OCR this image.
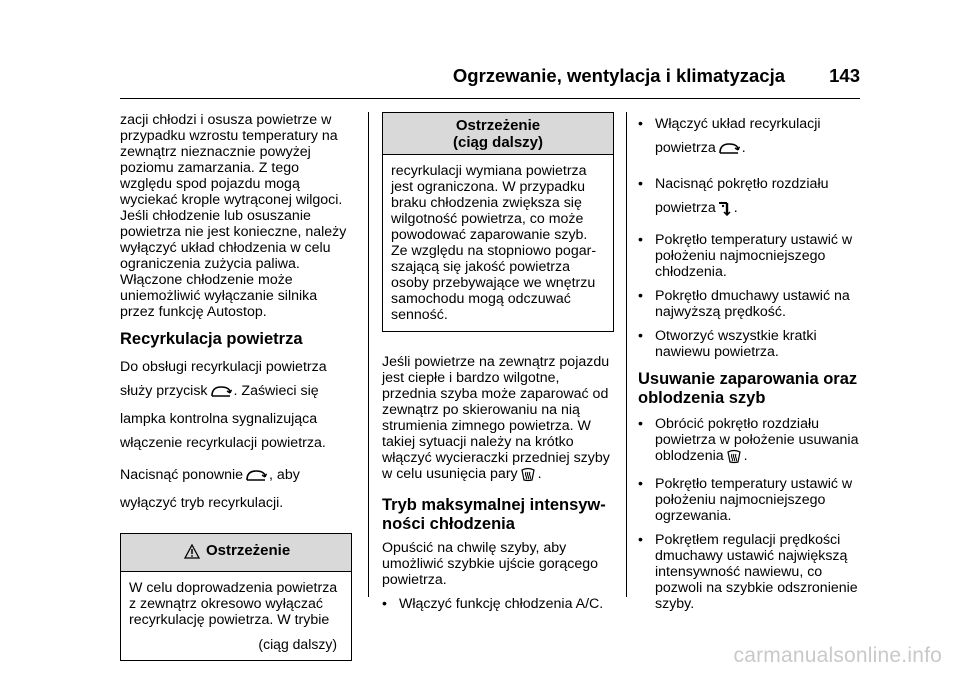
Ogrzewanie, wentylacja i klimatyzacja 143

zacji chłodzi i osusza powietrze w przypadku wzrostu temperatury na zewnątrz nieznacznie powyżej poziomu zamarzania. Z tego względu spod pojazdu mogą wyciekać krople wytrąconej wilgoci. Jeśli chłodzenie lub osuszanie powietrza nie jest konieczne, należy wyłączyć układ chłodzenia w celu ograniczenia zużycia paliwa. Włączone chłodzenie może uniemożliwić wyłączanie silnika przez funkcję Autostop.

Recyrkulacja powietrza

Do obsługi recyrkulacji powietrza służy przycisk . Zaświeci się lampka kontrolna sygnalizująca włączenie recyrkulacji powietrza.

Nacisnąć ponownie , aby wyłączyć tryb recyrkulacji.

Ostrzeżenie

W celu doprowadzenia powietrza z zewnątrz okresowo wyłączać recyrkulację powietrza. W trybie

(ciąg dalszy)
Ostrzeżenie
(ciąg dalszy)

recyrkulacji wymiana powietrza jest ograniczona. W przypadku braku chłodzenia zwiększa się wilgotność powietrza, co może powodować zaparowanie szyb. Ze względu na stopniowo pogar-szającą się jakość powietrza osoby przebywające we wnętrzu samochodu mogą odczuwać senność.

Jeśli powietrze na zewnątrz pojazdu jest ciepłe i bardzo wilgotne, przednia szyba może zaparować od zewnątrz po skierowaniu na nią strumienia zimnego powietrza. W takiej sytuacji należy na krótko włączyć wycieraczki przedniej szyby w celu usunięcia pary .

Tryb maksymalnej intensyw-ności chłodzenia

Opuścić na chwilę szyby, aby umożliwić szybkie ujście gorącego powietrza.

• Włączyć funkcję chłodzenia A/C.

• Włączyć układ recyrkulacji powietrza .

• Nacisnąć pokrętło rozdziału powietrza .

• Pokrętło temperatury ustawić w położeniu najmocniejszego chłodzenia.

• Pokrętło dmuchawy ustawić na najwyższą prędkość.

• Otworzyć wszystkie kratki nawiewu powietrza.

Usuwanie zaparowania oraz oblodzenia szyb

• Obrócić pokrętło rozdziału powietrza w położenie usuwania oblodzenia .

• Pokrętło temperatury ustawić w położeniu najmocniejszego ogrzewania.

• Pokrętłem regulacji prędkości dmuchawy ustawić największą intensywność nawiewu, co pozwoli na szybkie odszronienie szyby.

carmanualsonline.info
